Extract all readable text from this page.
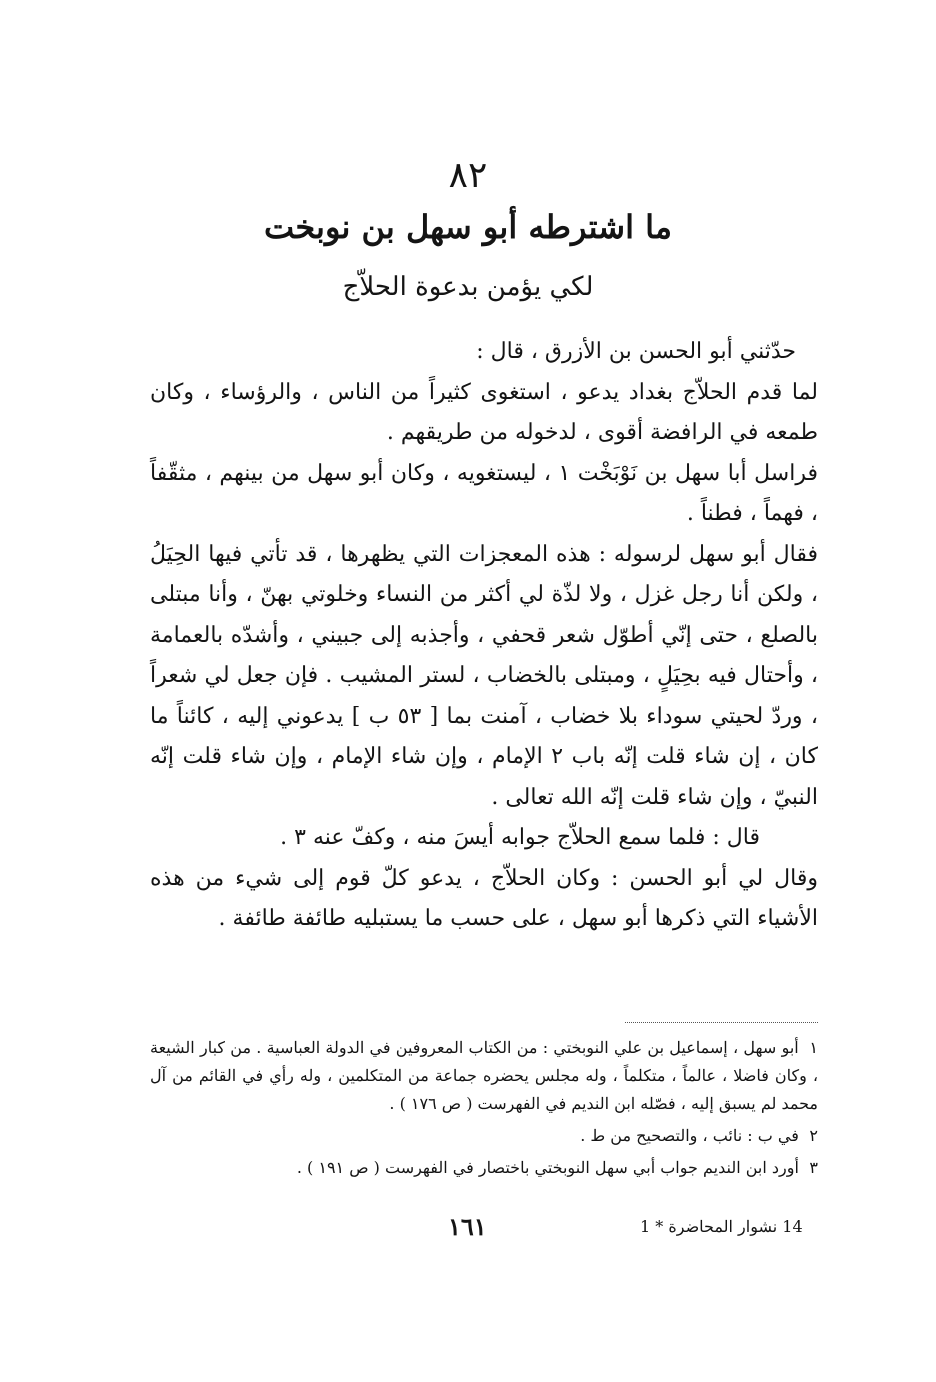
٨٢
ما اشترطه أبو سهل بن نوبخت
لكي يؤمن بدعوة الحلاّج

حدّثني أبو الحسن بن الأزرق ، قال :

لما قدم الحلاّج بغداد يدعو ، استغوى كثيراً من الناس ، والرؤساء ، وكان طمعه في الرافضة أقوى ، لدخوله من طريقهم .

فراسل أبا سهل بن نَوْبَخْت ١ ، ليستغويه ، وكان أبو سهل من بينهم ، مثقّفاً ، فهماً ، فطناً .

فقال أبو سهل لرسوله : هذه المعجزات التي يظهرها ، قد تأتي فيها الحِيَلُ ، ولكن أنا رجل غزل ، ولا لذّة لي أكثر من النساء وخلوتي بهنّ ، وأنا مبتلى بالصلع ، حتى إنّي أطوّل شعر قحفي ، وأجذبه إلى جبيني ، وأشدّه بالعمامة ، وأحتال فيه بحِيَلٍ ، ومبتلى بالخضاب ، لستر المشيب . فإن جعل لي شعراً ، وردّ لحيتي سوداء بلا خضاب ، آمنت بما [ ٥٣ ب ] يدعوني إليه ، كائناً ما كان ، إن شاء قلت إنّه باب ٢ الإمام ، وإن شاء الإمام ، وإن شاء قلت إنّه النبيّ ، وإن شاء قلت إنّه الله تعالى .

قال : فلما سمع الحلاّج جوابه أيسَ منه ، وكفّ عنه ٣ .

وقال لي أبو الحسن : وكان الحلاّج ، يدعو كلّ قوم إلى شيء من هذه الأشياء التي ذكرها أبو سهل ، على حسب ما يستبليه طائفة طائفة .

١ أبو سهل ، إسماعيل بن علي النوبختي : من الكتاب المعروفين في الدولة العباسية . من كبار الشيعة ، وكان فاضلا ، عالماً ، متكلماً ، وله مجلس يحضره جماعة من المتكلمين ، وله رأي في القائم من آل محمد لم يسبق إليه ، فصّله ابن النديم في الفهرست ( ص ١٧٦ ) .

٢ في ب : نائب ، والتصحيح من ط .

٣ أورد ابن النديم جواب أبي سهل النوبختي باختصار في الفهرست ( ص ١٩١ ) .

١٦١	14 نشوار المحاضرة * 1
